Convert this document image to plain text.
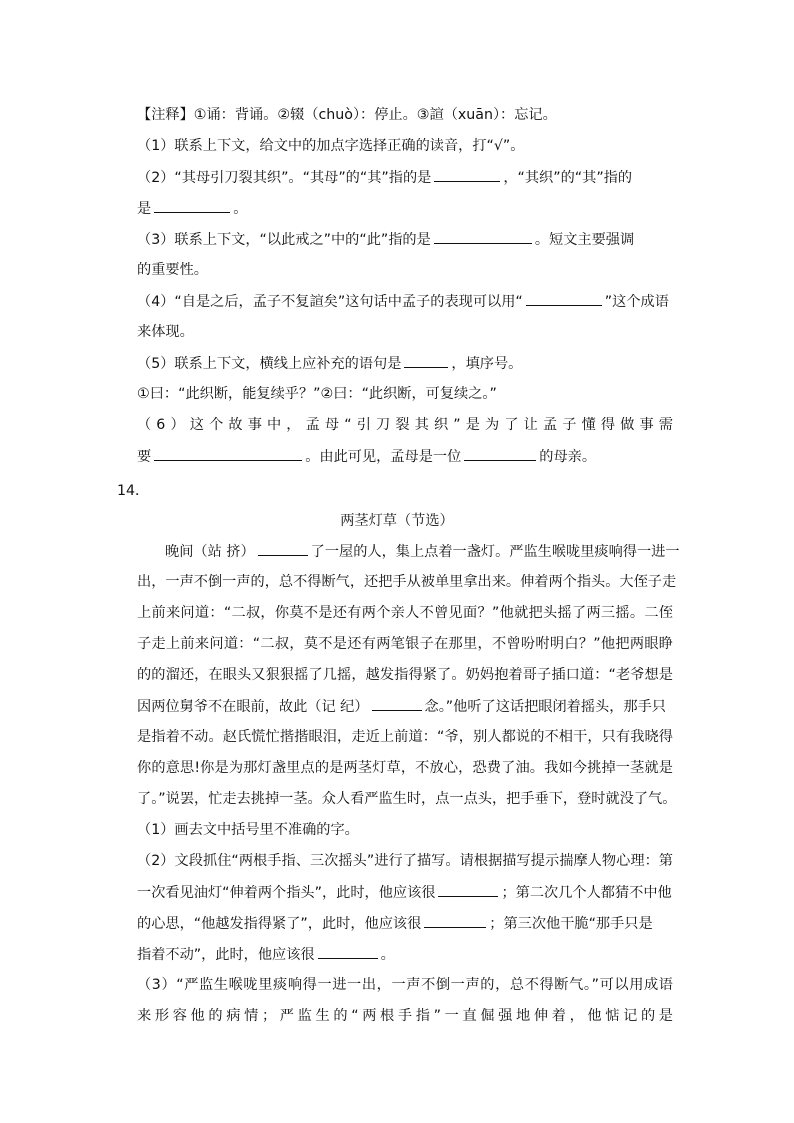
【注释】①诵：背诵。②辍（chuò）：停止。③諠（xuān）：忘记。
（1）联系上下文，给文中的加点字选择正确的读音，打“√”。
（2）“其母引刀裂其织”。“其母”的“其”指的是	，“其织”的“其”指的
是	。
（3）联系上下文，“以此戒之”中的“此”指的是	。短文主要强调
的重要性。
（4）“自是之后，孟子不复諠矣”这句话中孟子的表现可以用“	”这个成语
来体现。
（5）联系上下文，横线上应补充的语句是	，填序号。
①曰：“此织断，能复续乎？”②曰：“此织断，可复续之。”
（6）这个故事中，孟母“引刀裂其织”是为了让孟子懂得做事需
要	。由此可见，孟母是一位	的母亲。
14．
两茎灯草（节选）
晚间（站 挤）	了一屋的人，集上点着一盏灯。严监生喉咙里痰响得一进一
出，一声不倒一声的，总不得断气，还把手从被单里拿出来。伸着两个指头。大侄子走
上前来问道：“二叔，你莫不是还有两个亲人不曾见面？”他就把头摇了两三摇。二侄
子走上前来问道：“二叔，莫不是还有两笔银子在那里，不曾吩咐明白？”他把两眼睁
的的溜还，在眼头又狠狠摇了几摇，越发指得紧了。奶妈抱着哥子插口道：“老爷想是
因两位舅爷不在眼前，故此（记 纪）	念。”他听了这话把眼闭着摇头，那手只
是指着不动。赵氏慌忙揩揩眼泪，走近上前道：“爷，别人都说的不相干，只有我晓得
你的意思!你是为那灯盏里点的是两茎灯草，不放心，恐费了油。我如今挑掉一茎就是
了。”说罢，忙走去挑掉一茎。众人看严监生时，点一点头，把手垂下，登时就没了气。
（1）画去文中括号里不准确的字。
（2）文段抓住“两根手指、三次摇头”进行了描写。请根据描写提示揣摩人物心理：第
一次看见油灯“伸着两个指头”，此时，他应该很	；第二次几个人都猜不中他
的心思，“他越发指得紧了”，此时，他应该很	；第三次他干脆“那手只是
指着不动”，此时，他应该很	。
（3）“严监生喉咙里痰响得一进一出，一声不倒一声的，总不得断气。”可以用成语
来形容他的病情；严监生的“两根手指”一直倔强地伸着，他惦记的是
